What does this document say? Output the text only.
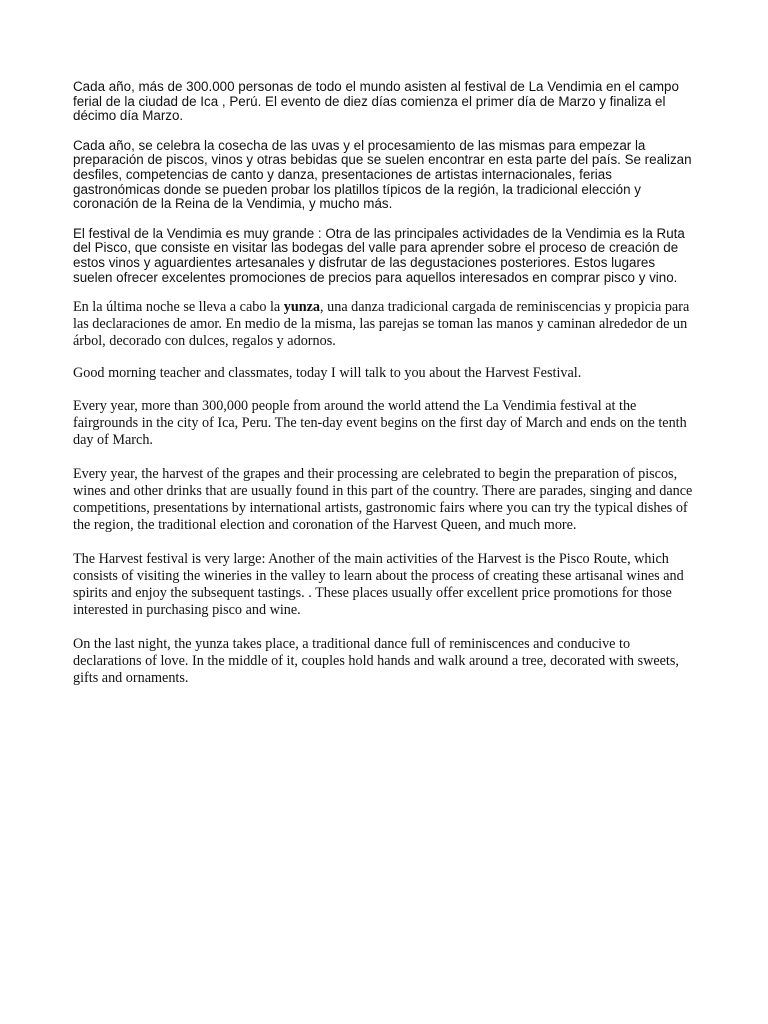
Cada año, más de 300.000 personas de todo el mundo asisten al festival de La Vendimia en el campo ferial de la ciudad de Ica , Perú. El evento de diez días comienza el primer día de Marzo y finaliza el décimo día Marzo.

Cada año, se celebra la cosecha de las uvas y el procesamiento de las mismas para empezar la preparación de piscos, vinos y otras bebidas que se suelen encontrar en esta parte del país. Se realizan desfiles, competencias de canto y danza, presentaciones de artistas internacionales, ferias gastronómicas donde se pueden probar los platillos típicos de la región, la tradicional elección y coronación de la Reina de la Vendimia, y mucho más.

El festival de la Vendimia es muy grande : Otra de las principales actividades de la Vendimia es la Ruta del Pisco, que consiste en visitar las bodegas del valle para aprender sobre el proceso de creación de estos vinos y aguardientes artesanales y disfrutar de las degustaciones posteriores. Estos lugares suelen ofrecer excelentes promociones de precios para aquellos interesados en comprar pisco y vino.

En la última noche se lleva a cabo la yunza, una danza tradicional cargada de reminiscencias y propicia para las declaraciones de amor. En medio de la misma, las parejas se toman las manos y caminan alrededor de un árbol, decorado con dulces, regalos y adornos.

Good morning teacher and classmates, today I will talk to you about the Harvest Festival.

Every year, more than 300,000 people from around the world attend the La Vendimia festival at the fairgrounds in the city of Ica, Peru. The ten-day event begins on the first day of March and ends on the tenth day of March.

Every year, the harvest of the grapes and their processing are celebrated to begin the preparation of piscos, wines and other drinks that are usually found in this part of the country. There are parades, singing and dance competitions, presentations by international artists, gastronomic fairs where you can try the typical dishes of the region, the traditional election and coronation of the Harvest Queen, and much more.

The Harvest festival is very large: Another of the main activities of the Harvest is the Pisco Route, which consists of visiting the wineries in the valley to learn about the process of creating these artisanal wines and spirits and enjoy the subsequent tastings. . These places usually offer excellent price promotions for those interested in purchasing pisco and wine.

On the last night, the yunza takes place, a traditional dance full of reminiscences and conducive to declarations of love. In the middle of it, couples hold hands and walk around a tree, decorated with sweets, gifts and ornaments.
